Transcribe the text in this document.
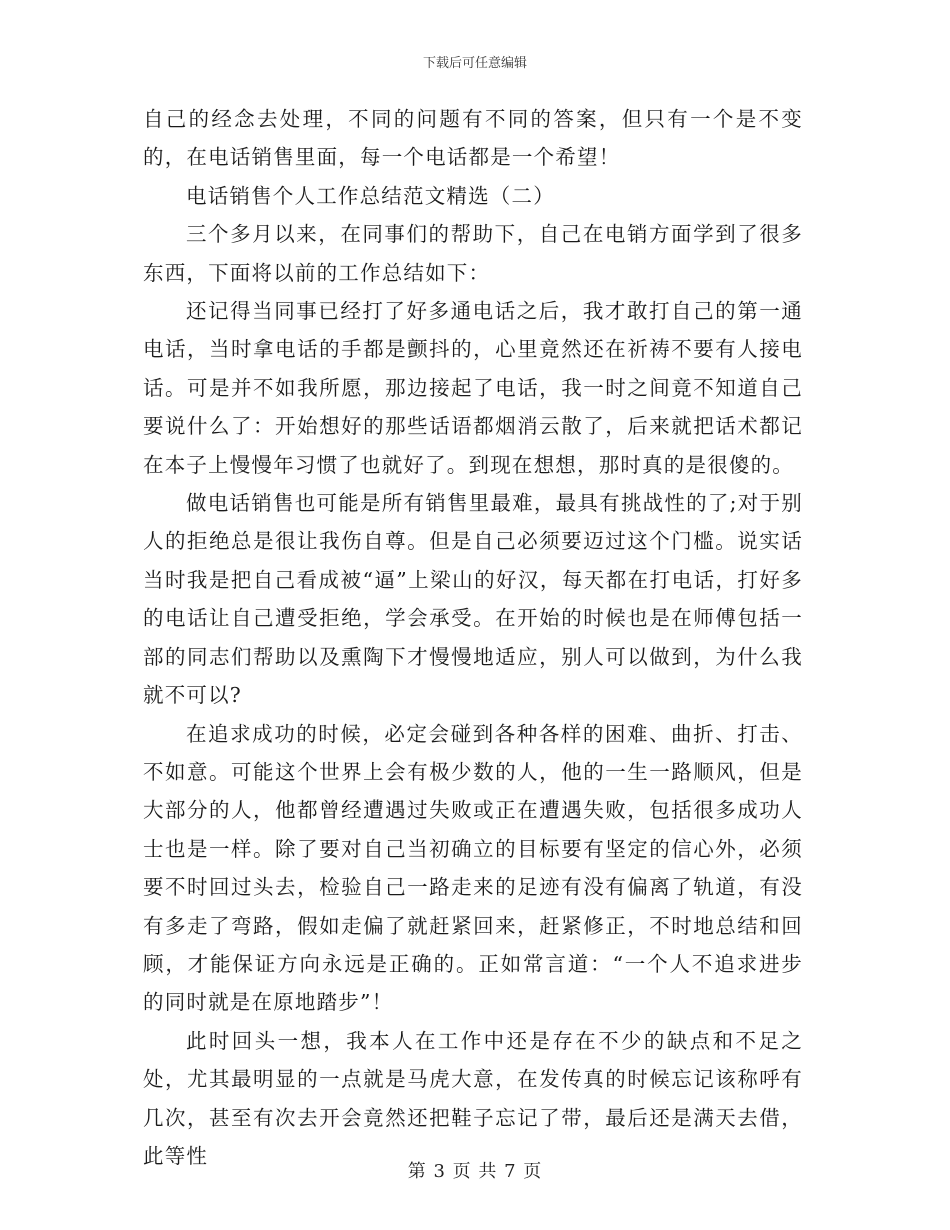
下载后可任意编辑

自己的经念去处理，不同的问题有不同的答案，但只有一个是不变的，在电话销售里面，每一个电话都是一个希望！

电话销售个人工作总结范文精选（二）

三个多月以来，在同事们的帮助下，自己在电销方面学到了很多东西，下面将以前的工作总结如下：

还记得当同事已经打了好多通电话之后，我才敢打自己的第一通电话，当时拿电话的手都是颤抖的，心里竟然还在祈祷不要有人接电话。可是并不如我所愿，那边接起了电话，我一时之间竟不知道自己要说什么了：开始想好的那些话语都烟消云散了，后来就把话术都记在本子上慢慢年习惯了也就好了。到现在想想，那时真的是很傻的。

做电话销售也可能是所有销售里最难，最具有挑战性的了;对于别人的拒绝总是很让我伤自尊。但是自己必须要迈过这个门槛。说实话当时我是把自己看成被“逼”上梁山的好汉，每天都在打电话，打好多的电话让自己遭受拒绝，学会承受。在开始的时候也是在师傅包括一部的同志们帮助以及熏陶下才慢慢地适应，别人可以做到，为什么我就不可以?

在追求成功的时候，必定会碰到各种各样的困难、曲折、打击、不如意。可能这个世界上会有极少数的人，他的一生一路顺风，但是大部分的人，他都曾经遭遇过失败或正在遭遇失败，包括很多成功人士也是一样。除了要对自己当初确立的目标要有坚定的信心外，必须要不时回过头去，检验自己一路走来的足迹有没有偏离了轨道，有没有多走了弯路，假如走偏了就赶紧回来，赶紧修正，不时地总结和回顾，才能保证方向永远是正确的。正如常言道：“一个人不追求进步的同时就是在原地踏步”！

此时回头一想，我本人在工作中还是存在不少的缺点和不足之处，尤其最明显的一点就是马虎大意，在发传真的时候忘记该称呼有几次，甚至有次去开会竟然还把鞋子忘记了带，最后还是满天去借，此等性

第 3 页 共 7 页
